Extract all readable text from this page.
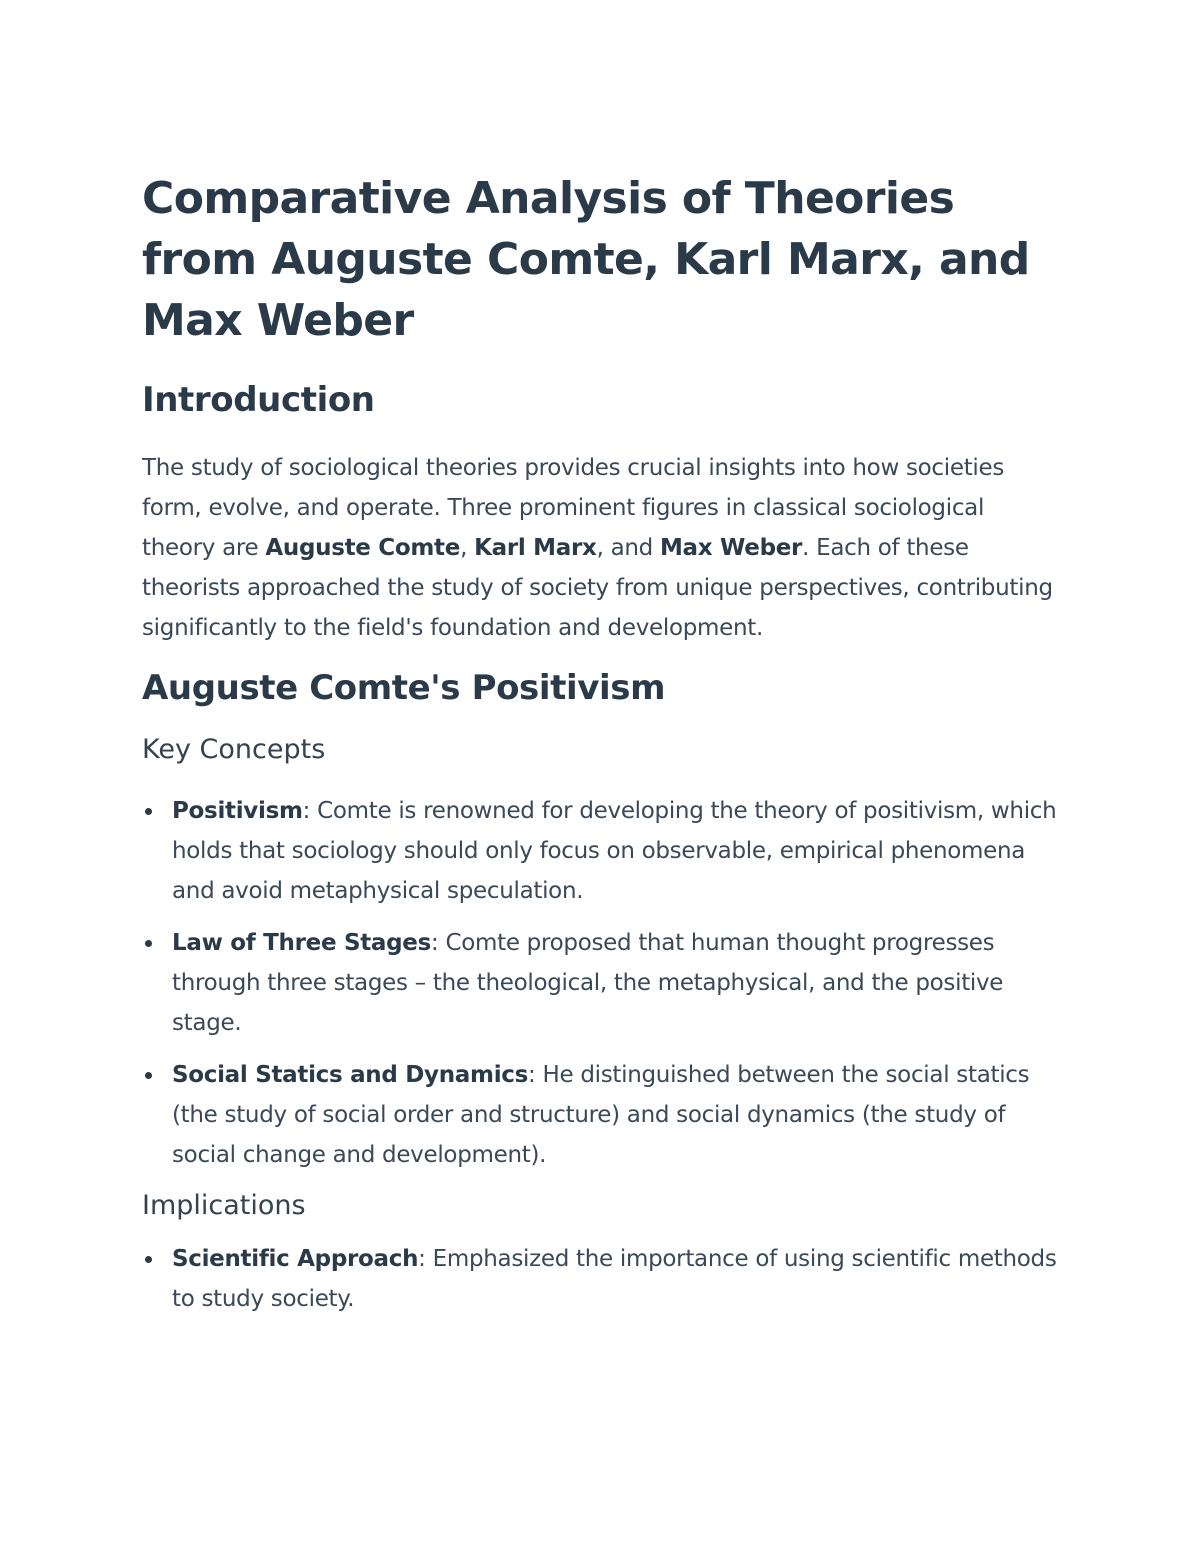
Comparative Analysis of Theories from Auguste Comte, Karl Marx, and Max Weber
Introduction

The study of sociological theories provides crucial insights into how societies form, evolve, and operate. Three prominent figures in classical sociological theory are Auguste Comte, Karl Marx, and Max Weber. Each of these theorists approached the study of society from unique perspectives, contributing significantly to the field's foundation and development.

Auguste Comte's Positivism
Key Concepts
Positivism: Comte is renowned for developing the theory of positivism, which holds that sociology should only focus on observable, empirical phenomena and avoid metaphysical speculation.
Law of Three Stages: Comte proposed that human thought progresses through three stages – the theological, the metaphysical, and the positive stage.
Social Statics and Dynamics: He distinguished between the social statics (the study of social order and structure) and social dynamics (the study of social change and development).
Implications
Scientific Approach: Emphasized the importance of using scientific methods to study society.
